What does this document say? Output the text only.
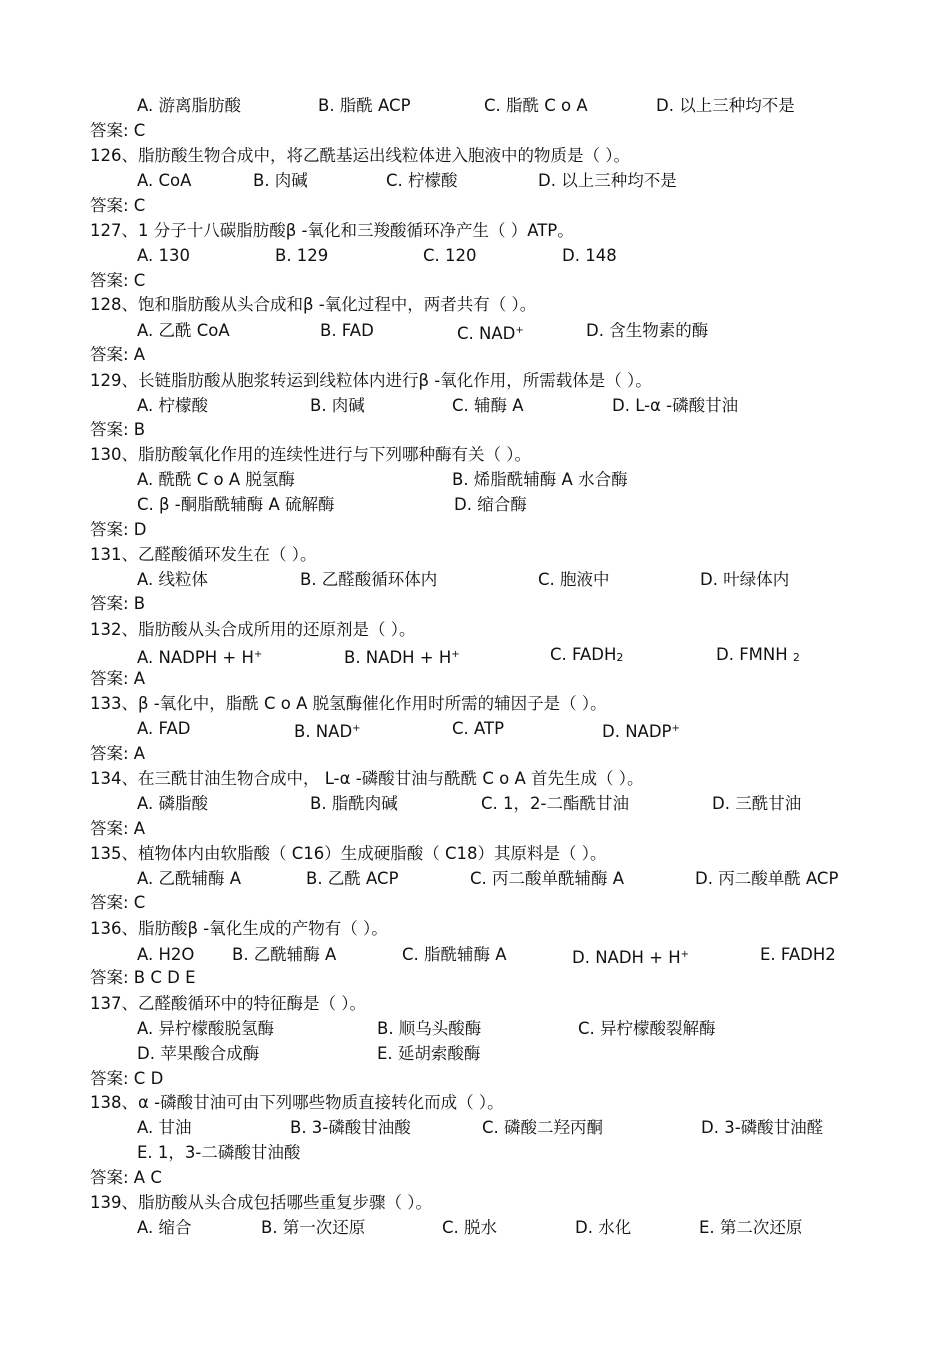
A. 游离脂肪酸	B. 脂酰 ACP	C. 脂酰 C o A	D. 以上三种均不是
答案: C
126、脂肪酸生物合成中，将乙酰基运出线粒体进入胞液中的物质是（ ）。
A. CoA	B. 肉碱	C. 柠檬酸	D. 以上三种均不是
答案: C
127、1 分子十八碳脂肪酸β -氧化和三羧酸循环净产生（ ）ATP。
A. 130	B. 129	C. 120	D. 148
答案: C
128、饱和脂肪酸从头合成和β -氧化过程中，两者共有（ ）。
A. 乙酰 CoA	B. FAD	C. NAD+	D. 含生物素的酶
答案: A
129、长链脂肪酸从胞浆转运到线粒体内进行β -氧化作用，所需载体是（ ）。
A. 柠檬酸	B. 肉碱	C. 辅酶 A	D. L-α -磷酸甘油
答案: B
130、脂肪酸氧化作用的连续性进行与下列哪种酶有关（ ）。
A. 酰酰 C o A 脱氢酶	B. 烯脂酰辅酶 A 水合酶
C. β -酮脂酰辅酶 A 硫解酶	D. 缩合酶
答案: D
131、乙醛酸循环发生在（ ）。
A. 线粒体	B. 乙醛酸循环体内	C. 胞液中	D. 叶绿体内
答案: B
132、脂肪酸从头合成所用的还原剂是（ ）。
A. NADPH + H+	B. NADH + H+	C. $FADH_2$	D. FMNH $_2$
答案: A
133、β -氧化中，脂酰 C o A 脱氢酶催化作用时所需的辅因子是（ ）。
A. FAD	B. NAD+	C. ATP	D. NADP+
答案: A
134、在三酰甘油生物合成中， L-α -磷酸甘油与酰酰 C o A 首先生成（ ）。
A. 磷脂酸	B. 脂酰肉碱	C. 1，2-二酯酰甘油	D. 三酰甘油
答案: A
135、植物体内由软脂酸（ C16）生成硬脂酸（ C18）其原料是（ ）。
A. 乙酰辅酶 A	B. 乙酰 ACP	C. 丙二酸单酰辅酶 A	D. 丙二酸单酰 ACP
答案: C
136、脂肪酸β -氧化生成的产物有（ ）。
A. H2O B. 乙酰辅酶 A	C. 脂酰辅酶 A	D. NADH + H+	E. FADH2
答案: B C D E
137、乙醛酸循环中的特征酶是（ ）。
A. 异柠檬酸脱氢酶	B. 顺乌头酸酶	C. 异柠檬酸裂解酶
D. 苹果酸合成酶	E. 延胡索酸酶
答案: C D
138、α -磷酸甘油可由下列哪些物质直接转化而成（ ）。
A. 甘油	B. 3-磷酸甘油酸	C. 磷酸二羟丙酮	D. 3-磷酸甘油醛
E. 1，3-二磷酸甘油酸
答案: A C
139、脂肪酸从头合成包括哪些重复步骤（ ）。
A. 缩合	B. 第一次还原	C. 脱水	D. 水化	E. 第二次还原
